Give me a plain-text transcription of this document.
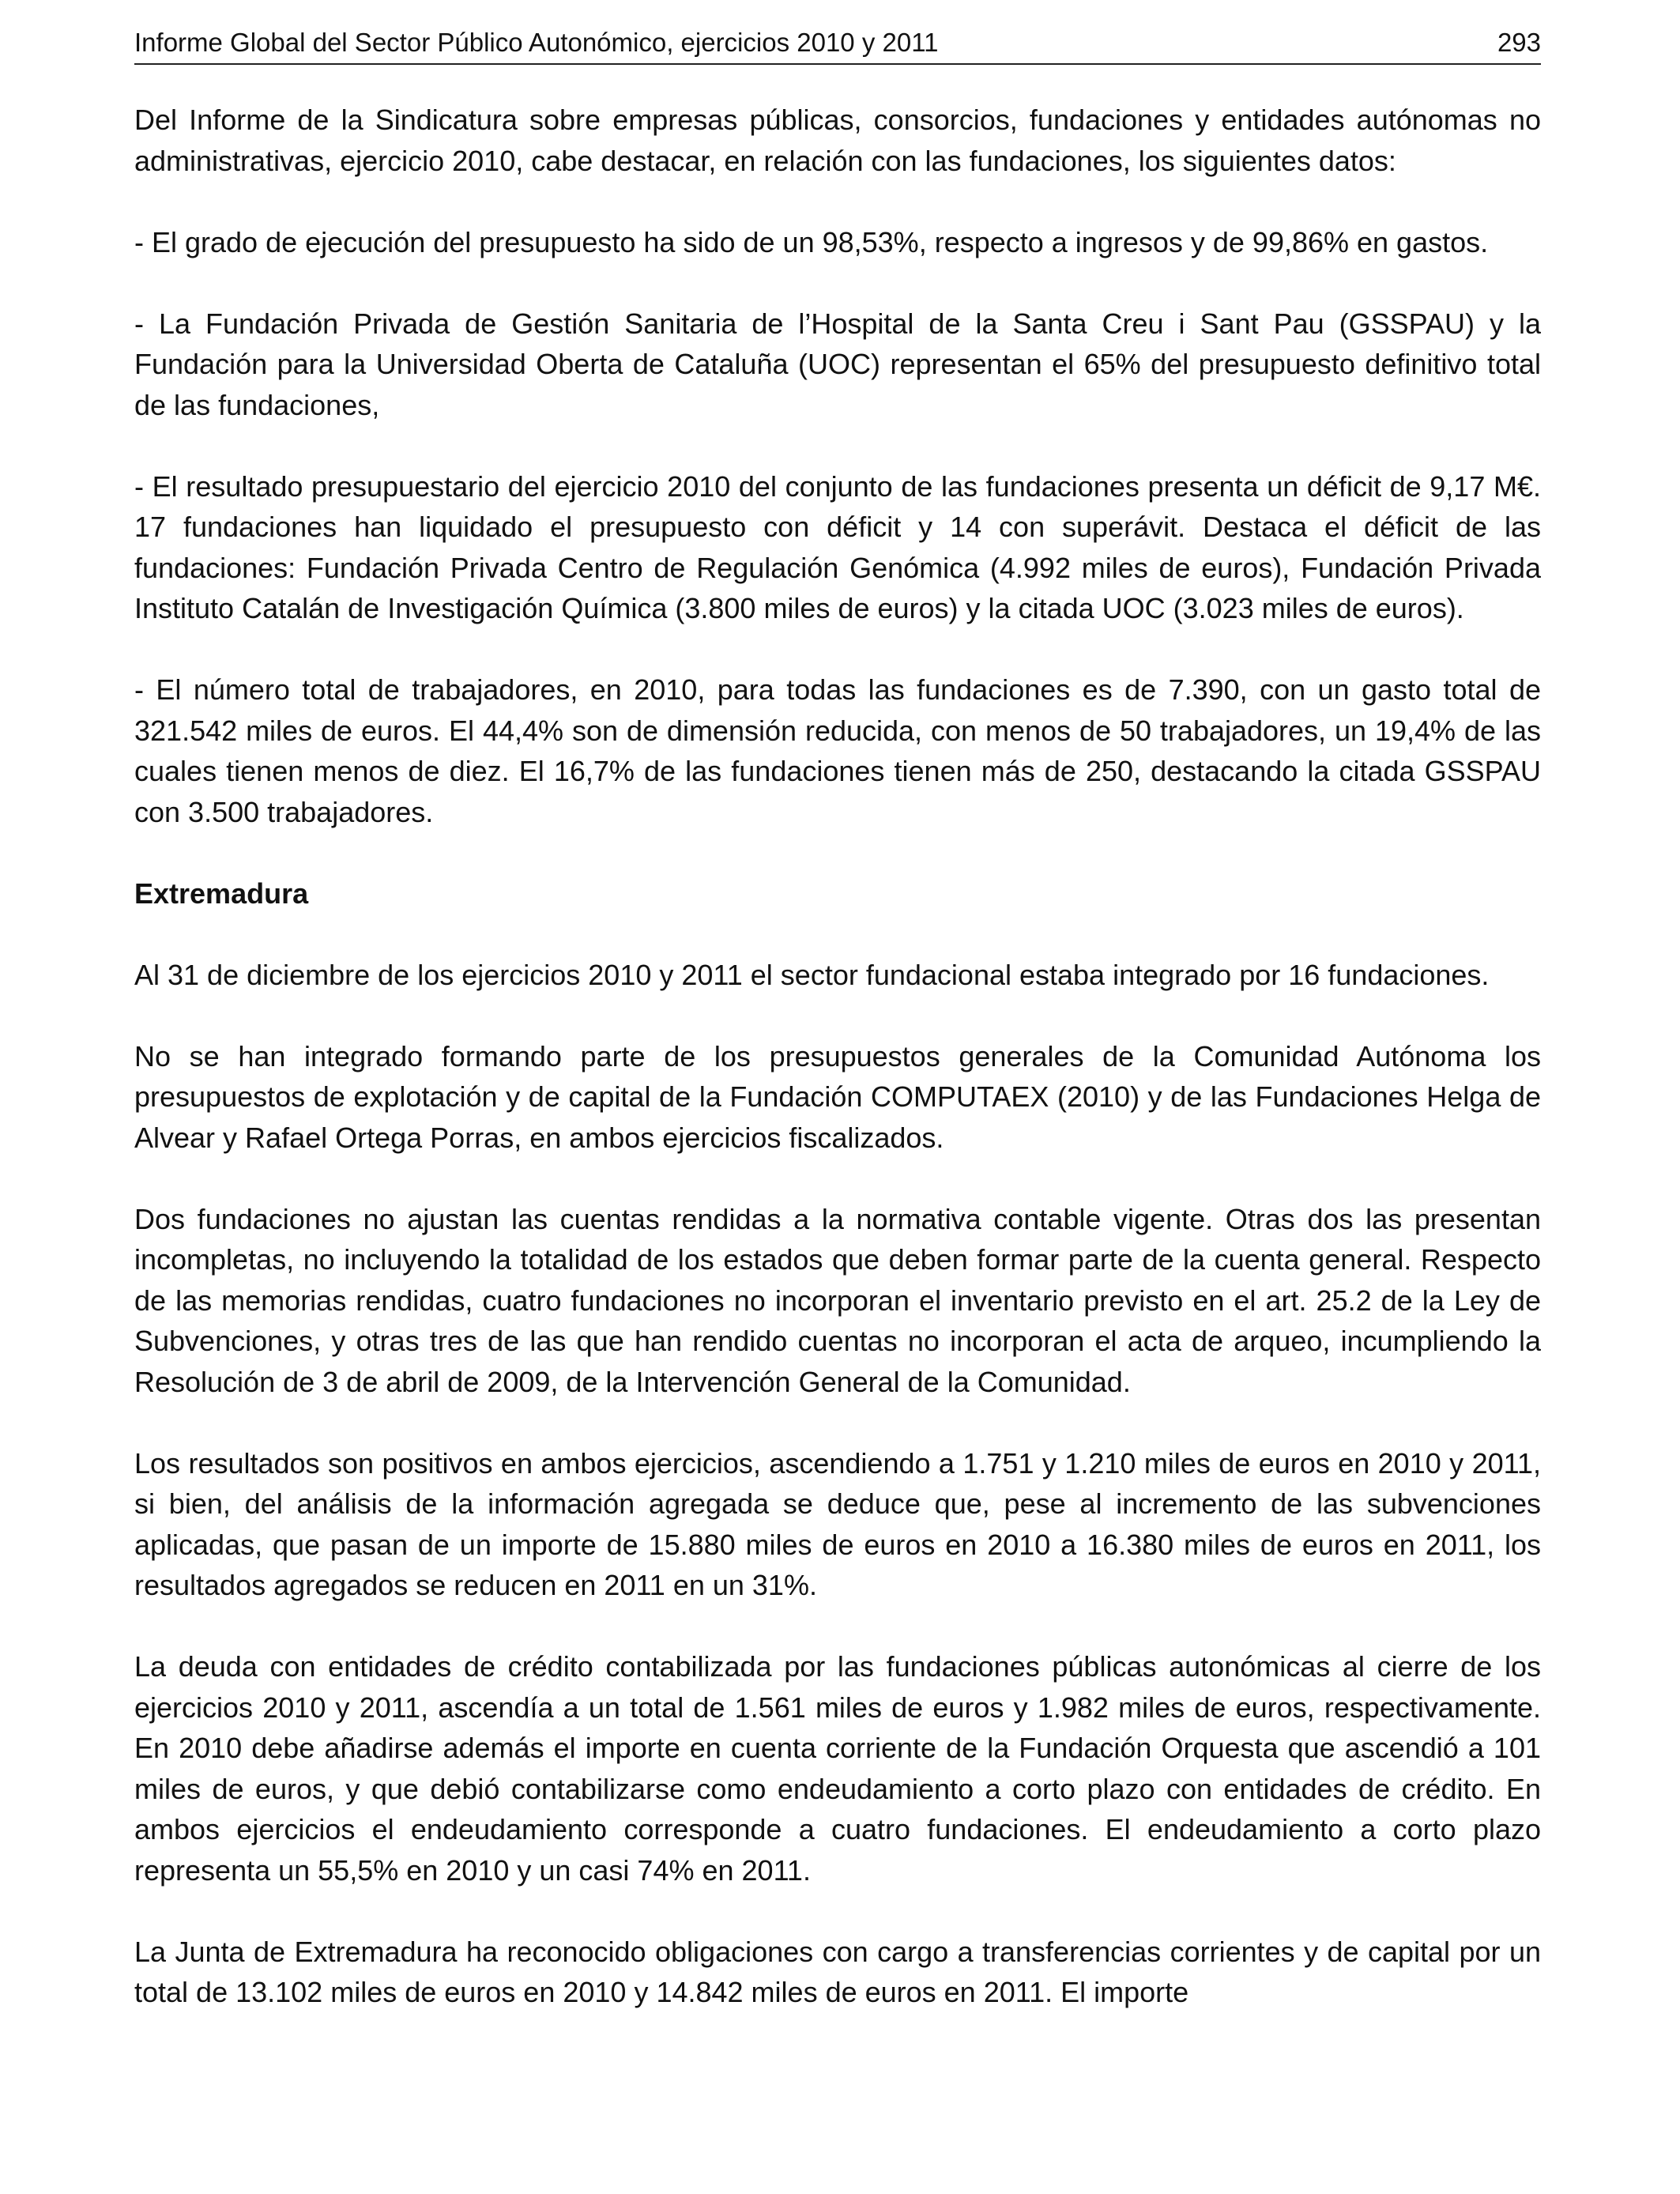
Informe Global del Sector Público Autonómico, ejercicios 2010 y 2011	293

Del Informe de la Sindicatura sobre empresas públicas, consorcios, fundaciones y entidades autónomas no administrativas, ejercicio 2010, cabe destacar, en relación con las fundaciones, los siguientes datos:

- El grado de ejecución del presupuesto ha sido de un 98,53%, respecto a ingresos y de 99,86% en gastos.

- La Fundación Privada de Gestión Sanitaria de l’Hospital de la Santa Creu i Sant Pau (GSSPAU) y la Fundación para la Universidad Oberta de Cataluña (UOC) representan el 65% del presupuesto definitivo total de las fundaciones,

- El resultado presupuestario del ejercicio 2010 del conjunto de las fundaciones presenta un déficit de 9,17 M€. 17 fundaciones han liquidado el presupuesto con déficit y 14 con superávit. Destaca el déficit de las fundaciones: Fundación Privada Centro de Regulación Genómica (4.992 miles de euros), Fundación Privada Instituto Catalán de Investigación Química (3.800 miles de euros) y la citada UOC (3.023 miles de euros).

- El número total de trabajadores, en 2010, para todas las fundaciones es de 7.390, con un gasto total de 321.542 miles de euros. El 44,4% son de dimensión reducida, con menos de 50 trabajadores, un 19,4% de las cuales tienen menos de diez. El 16,7% de las fundaciones tienen más de 250, destacando la citada GSSPAU con 3.500 trabajadores.

Extremadura

Al 31 de diciembre de los ejercicios 2010 y 2011 el sector fundacional estaba integrado por 16 fundaciones.

No se han integrado formando parte de los presupuestos generales de la Comunidad Autónoma los presupuestos de explotación y de capital de la Fundación COMPUTAEX (2010) y de las Fundaciones Helga de Alvear y Rafael Ortega Porras, en ambos ejercicios fiscalizados.

Dos fundaciones no ajustan las cuentas rendidas a la normativa contable vigente. Otras dos las presentan incompletas, no incluyendo la totalidad de los estados que deben formar parte de la cuenta general. Respecto de las memorias rendidas, cuatro fundaciones no incorporan el inventario previsto en el art. 25.2 de la Ley de Subvenciones, y otras tres de las que han rendido cuentas no incorporan el acta de arqueo, incumpliendo la Resolución de 3 de abril de 2009, de la Intervención General de la Comunidad.

Los resultados son positivos en ambos ejercicios, ascendiendo a 1.751 y 1.210 miles de euros en 2010 y 2011, si bien, del análisis de la información agregada se deduce que, pese al incremento de las subvenciones aplicadas, que pasan de un importe de 15.880 miles de euros en 2010 a 16.380 miles de euros en 2011, los resultados agregados se reducen en 2011 en un 31%.

La deuda con entidades de crédito contabilizada por las fundaciones públicas autonómicas al cierre de los ejercicios 2010 y 2011, ascendía a un total de 1.561 miles de euros y 1.982 miles de euros, respectivamente. En 2010 debe añadirse además el importe en cuenta corriente de la Fundación Orquesta que ascendió a 101 miles de euros, y que debió contabilizarse como endeudamiento a corto plazo con entidades de crédito. En ambos ejercicios el endeudamiento corresponde a cuatro fundaciones. El endeudamiento a corto plazo representa un 55,5% en 2010 y un casi 74% en 2011.

La Junta de Extremadura ha reconocido obligaciones con cargo a transferencias corrientes y de capital por un total de 13.102 miles de euros en 2010 y 14.842 miles de euros en 2011. El importe
